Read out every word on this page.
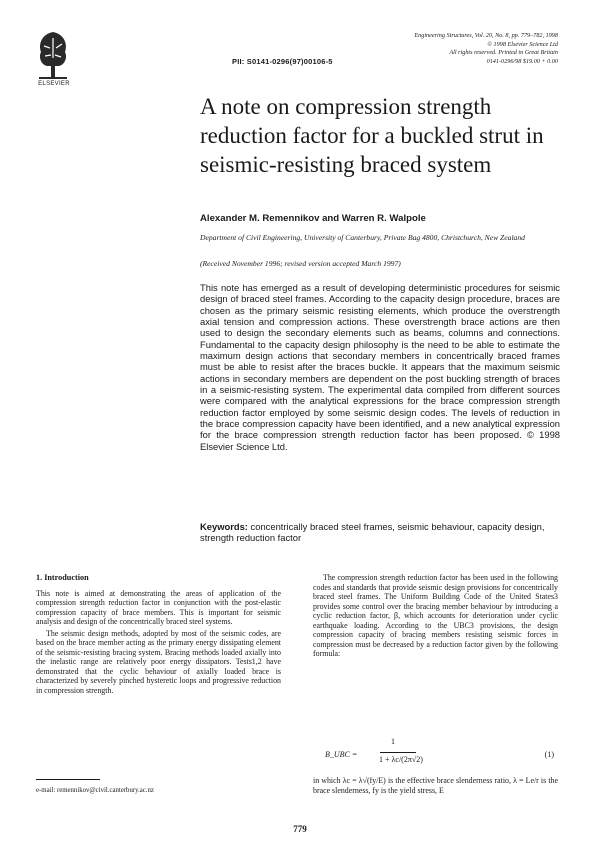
ELSEVIER
PII: S0141-0296(97)00106-5
Engineering Structures, Vol. 20, No. 8, pp. 779–782, 1998
© 1998 Elsevier Science Ltd
All rights reserved. Printed in Great Britain
0141-0296/98 $19.00 + 0.00
A note on compression strength reduction factor for a buckled strut in seismic-resisting braced system
Alexander M. Remennikov and Warren R. Walpole
Department of Civil Engineering, University of Canterbury, Private Bag 4800, Christchurch, New Zealand
(Received November 1996; revised version accepted March 1997)
This note has emerged as a result of developing deterministic procedures for seismic design of braced steel frames. According to the capacity design procedure, braces are chosen as the primary seismic resisting elements, which produce the overstrength axial tension and compression actions. These overstrength brace actions are then used to design the secondary elements such as beams, columns and connections. Fundamental to the capacity design philosophy is the need to be able to estimate the maximum design actions that secondary members in concentrically braced frames must be able to resist after the braces buckle. It appears that the maximum seismic actions in secondary members are dependent on the post buckling strength of braces in a seismic-resisting system. The experimental data compiled from different sources were compared with the analytical expressions for the brace compression strength reduction factor employed by some seismic design codes. The levels of reduction in the brace compression capacity have been identified, and a new analytical expression for the brace compression strength reduction factor has been proposed. © 1998 Elsevier Science Ltd.
Keywords: concentrically braced steel frames, seismic behaviour, capacity design, strength reduction factor
1. Introduction

This note is aimed at demonstrating the areas of application of the compression strength reduction factor in conjunction with the post-elastic compression capacity of brace members. This is important for seismic analysis and design of the concentrically braced steel systems.

The seismic design methods, adopted by most of the seismic codes, are based on the brace member acting as the primary energy dissipating element of the seismic-resisting bracing system. Bracing methods loaded axially into the inelastic range are relatively poor energy dissipators. Tests1,2 have demonstrated that the cyclic behaviour of axially loaded brace is characterized by severely pinched hysteretic loops and progressive reduction in compression strength.

The compression strength reduction factor has been used in the following codes and standards that provide seismic design provisions for concentrically braced steel frames. The Uniform Building Code of the United States3 provides some control over the bracing member behaviour by introducing a cyclic reduction factor, β, which accounts for deterioration under cyclic earthquake loading. According to the UBC3 provisions, the design compression capacity of bracing members resisting seismic forces in compression must be decreased by a reduction factor given by the following formula:

B_UBC =
1
1 + λc/(2π√2)
(1)

in which λc = λ√(fy/E) is the effective brace slenderness ratio, λ = Le/r is the brace slenderness, fy is the yield stress, E

e-mail: remennikov@civil.canterbury.ac.nz
779
